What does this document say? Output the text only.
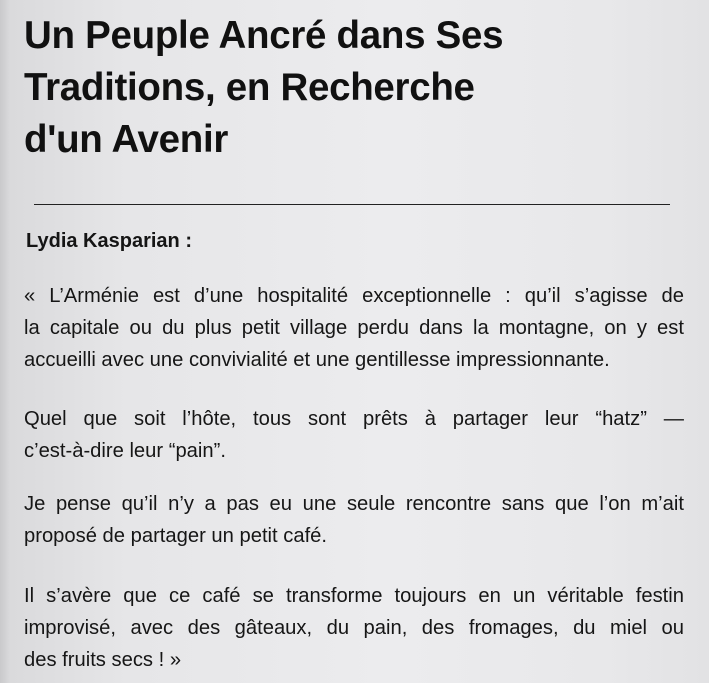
Un Peuple Ancré dans Ses
Traditions, en Recherche
d'un Avenir

Lydia Kasparian :

« L’Arménie est d’une hospitalité exceptionnelle : qu’il s’agisse de
la capitale ou du plus petit village perdu dans la montagne, on y est
accueilli avec une convivialité et une gentillesse impressionnante.

Quel que soit l’hôte, tous sont prêts à partager leur “hatz” —
c’est-à-dire leur “pain”.

Je pense qu’il n’y a pas eu une seule rencontre sans que l’on m’ait
proposé de partager un petit café.

Il s’avère que ce café se transforme toujours en un véritable festin
improvisé, avec des gâteaux, du pain, des fromages, du miel ou
des fruits secs ! »
